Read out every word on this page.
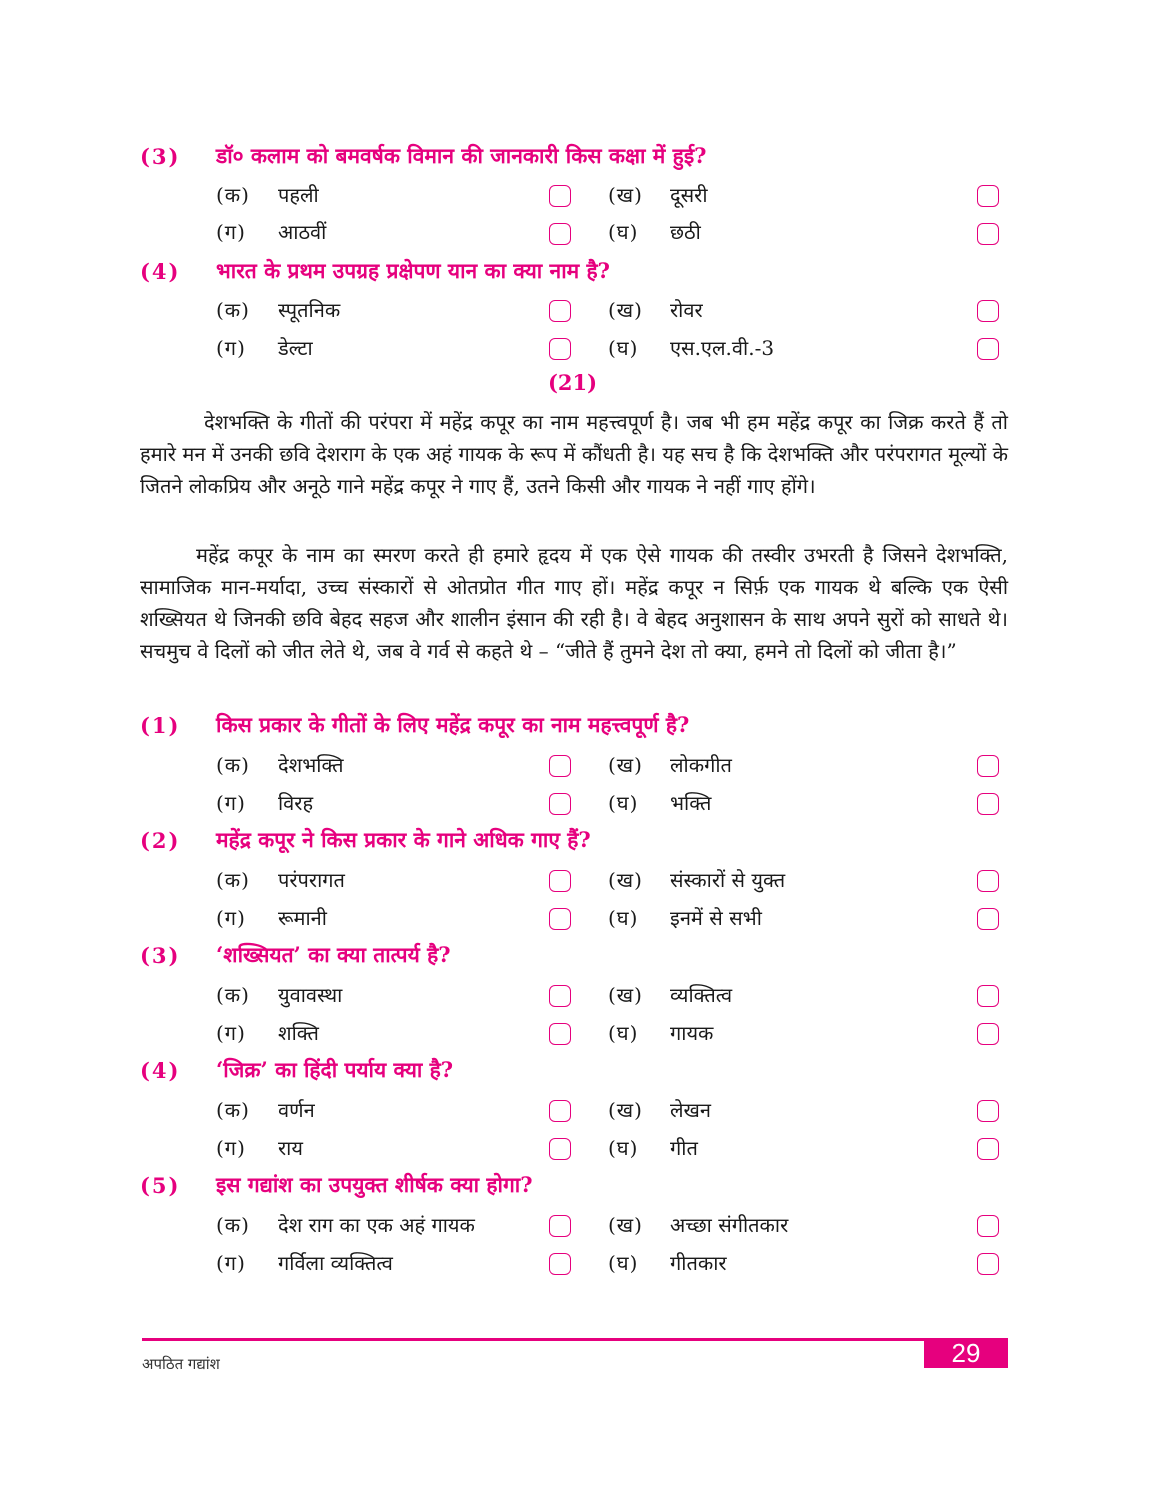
(3)	डॉ० कलाम को बमवर्षक विमान की जानकारी किस कक्षा में हुई?
(क)	पहली	(ख)	दूसरी
(ग)	आठवीं	(घ)	छठी
(4)	भारत के प्रथम उपग्रह प्रक्षेपण यान का क्या नाम है?
(क)	स्पूतनिक	(ख)	रोवर
(ग)	डेल्टा	(घ)	एस.एल.वी.-3
(21)
देशभक्ति के गीतों की परंपरा में महेंद्र कपूर का नाम महत्त्वपूर्ण है। जब भी हम महेंद्र कपूर का जिक्र करते हैं तो हमारे मन में उनकी छवि देशराग के एक अहं गायक के रूप में कौंधती है। यह सच है कि देशभक्ति और परंपरागत मूल्यों के जितने लोकप्रिय और अनूठे गाने महेंद्र कपूर ने गाए हैं, उतने किसी और गायक ने नहीं गाए होंगे।
महेंद्र कपूर के नाम का स्मरण करते ही हमारे हृदय में एक ऐसे गायक की तस्वीर उभरती है जिसने देशभक्ति, सामाजिक मान-मर्यादा, उच्च संस्कारों से ओतप्रोत गीत गाए हों। महेंद्र कपूर न सिर्फ़ एक गायक थे बल्कि एक ऐसी शख्सियत थे जिनकी छवि बेहद सहज और शालीन इंसान की रही है। वे बेहद अनुशासन के साथ अपने सुरों को साधते थे। सचमुच वे दिलों को जीत लेते थे, जब वे गर्व से कहते थे – “जीते हैं तुमने देश तो क्या, हमने तो दिलों को जीता है।”
(1)	किस प्रकार के गीतों के लिए महेंद्र कपूर का नाम महत्त्वपूर्ण है?
(क)	देशभक्ति	(ख)	लोकगीत
(ग)	विरह	(घ)	भक्ति
(2)	महेंद्र कपूर ने किस प्रकार के गाने अधिक गाए हैं?
(क)	परंपरागत	(ख)	संस्कारों से युक्त
(ग)	रूमानी	(घ)	इनमें से सभी
(3)	‘शख्सियत’ का क्या तात्पर्य है?
(क)	युवावस्था	(ख)	व्यक्तित्व
(ग)	शक्ति	(घ)	गायक
(4)	‘जिक्र’ का हिंदी पर्याय क्या है?
(क)	वर्णन	(ख)	लेखन
(ग)	राय	(घ)	गीत
(5)	इस गद्यांश का उपयुक्त शीर्षक क्या होगा?
(क)	देश राग का एक अहं गायक	(ख)	अच्छा संगीतकार
(ग)	गर्विला व्यक्तित्व	(घ)	गीतकार
29
अपठित गद्यांश
